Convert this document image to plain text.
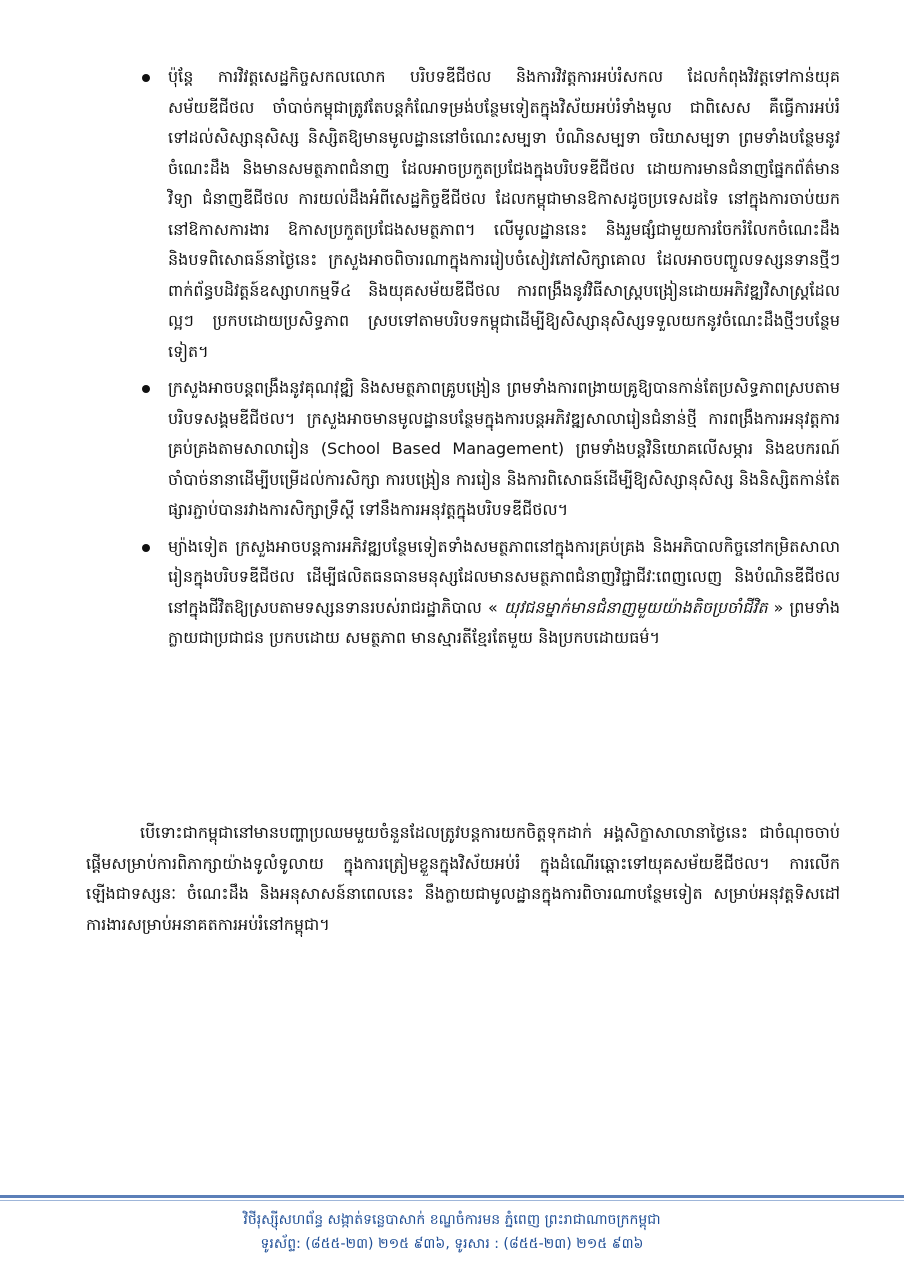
ប៉ុន្តែ ការវិវត្តសេដ្ឋកិច្ចសកលលោក បរិបទឌីជីថល និងការវិវត្តការអប់រំសកល ដែលកំពុងវិវត្តទៅកាន់យុគសម័យឌីជីថល ចាំបាច់កម្ពុជាត្រូវតែបន្តកំណែទម្រង់បន្ថែមទៀតក្នុងវិស័យអប់រំទាំងមូល ជាពិសេស គឺធ្វើការអប់រំទៅដល់សិស្សានុសិស្ស និស្សិតឱ្យមានមូលដ្ឋាននៅចំណេះសម្បទា បំណិនសម្បទា ចរិយាសម្បទា ព្រមទាំងបន្ថែមនូវចំណេះដឹង និងមានសមត្ថភាពជំនាញ ដែលអាចប្រកួតប្រជែងក្នុងបរិបទឌីជីថល ដោយការមានជំនាញផ្នែកព័ត៌មានវិទ្យា ជំនាញឌីជីថល ការយល់ដឹងអំពីសេដ្ឋកិច្ចឌីជីថល ដែលកម្ពុជាមានឱកាសដូចប្រទេសដទៃ នៅក្នុងការចាប់យកនៅឱកាសការងារ ឱកាសប្រកួតប្រជែងសមត្ថភាព។ លើមូលដ្ឋាននេះ និងរួមផ្សំជាមួយការចែករំលែកចំណេះដឹង និងបទពិសោធន៍នាថ្ងៃនេះ ក្រសួងអាចពិចារណាក្នុងការរៀបចំសៀវភៅសិក្សាគោល ដែលអាចបញ្ចូលទស្សនទានថ្មីៗពាក់ព័ន្ធបដិវត្តន៍ឧស្សាហកម្មទី៤ និងយុគសម័យឌីជីថល ការពង្រឹងនូវវិធីសាស្រ្តបង្រៀនដោយអភិវឌ្ឍវិសាស្ត្រដែលល្អៗ ប្រកបដោយប្រសិទ្ធភាព ស្របទៅតាមបរិបទកម្ពុជាដើម្បីឱ្យសិស្សានុសិស្សទទួលយកនូវចំណេះដឹងថ្មីៗបន្ថែមទៀត។

ក្រសួងអាចបន្តពង្រឹងនូវគុណវុឌ្ឍិ និងសមត្ថភាពគ្រូបង្រៀន ព្រមទាំងការពង្រាយគ្រូឱ្យបានកាន់តែប្រសិទ្ធភាពស្របតាមបរិបទសង្គមឌីជីថល។ ក្រសួងអាចមានមូលដ្ឋានបន្ថែមក្នុងការបន្តអភិវឌ្ឍសាលារៀនជំនាន់ថ្មី ការពង្រឹងការអនុវត្តការគ្រប់គ្រងតាមសាលារៀន (School Based Management) ព្រមទាំងបន្តវិនិយោគលើសម្ភារ និងឧបករណ៍ចាំបាច់នានាដើម្បីបម្រើដល់ការសិក្សា ការបង្រៀន ការរៀន និងការពិសោធន៍ដើម្បីឱ្យសិស្សានុសិស្ស និងនិស្សិតកាន់តែផ្សារភ្ជាប់បានរវាងការសិក្សាទ្រឹស្តី ទៅនឹងការអនុវត្តក្នុងបរិបទឌីជីថល។

ម្យ៉ាងទៀត ក្រសួងអាចបន្តការអភិវឌ្ឍបន្ថែមទៀតទាំងសមត្ថភាពនៅក្នុងការគ្រប់គ្រង និងអភិបាលកិច្ចនៅកម្រិតសាលារៀនក្នុងបរិបទឌីជីថល ដើម្បីផលិតធនធានមនុស្សដែលមានសមត្ថភាពជំនាញវិជ្ជាជីវៈពេញលេញ និងបំណិនឌីជីថលនៅក្នុងជីវិតឱ្យស្របតាមទស្សនទានរបស់រាជរដ្ឋាភិបាល « យុវជនម្នាក់មានជំនាញមួយយ៉ាងតិចប្រចាំជីវិត » ព្រមទាំងក្លាយជាប្រជាជន ប្រកបដោយ សមត្ថភាព មានស្មារតីខ្មែរតែមួយ និងប្រកបដោយធម៌។

បើទោះជាកម្ពុជានៅមានបញ្ហាប្រឈមមួយចំនួនដែលត្រូវបន្តការយកចិត្តទុកដាក់ អង្គសិក្ខាសាលានាថ្ងៃនេះ ជាចំណុចចាប់ផ្តើមសម្រាប់ការពិភាក្សាយ៉ាងទូលំទូលាយ ក្នុងការត្រៀមខ្លួនក្នុងវិស័យអប់រំ ក្នុងដំណើរឆ្ពោះទៅយុគសម័យឌីជីថល។ ការលើកឡើងជាទស្សនៈ ចំណេះដឹង និងអនុសាសន៍នាពេលនេះ នឹងក្លាយជាមូលដ្ឋានក្នុងការពិចារណាបន្ថែមទៀត សម្រាប់អនុវត្តទិសដៅការងារសម្រាប់អនាគតការអប់រំនៅកម្ពុជា។

វិថីរុស្ស៊ីសហព័ន្ធ សង្កាត់ទន្លេបាសាក់ ខណ្ឌចំការមន ភ្នំពេញ ព្រះរាជាណាចក្រកម្ពុជា
ទូរស័ព្ទ: (៨៥៥-២៣) ២១៥ ៩៣៦, ទូរសារ : (៨៥៥-២៣) ២១៥ ៩៣៦
